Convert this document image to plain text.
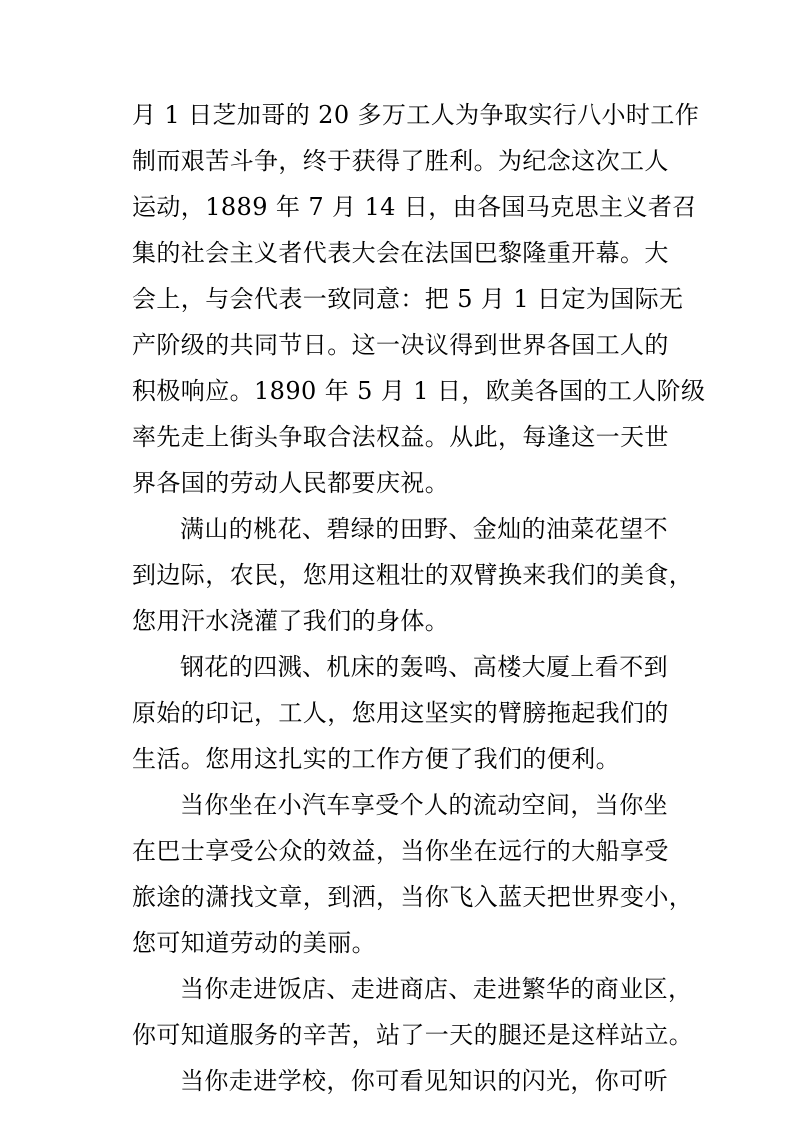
月 1 日芝加哥的 20 多万工人为争取实行八小时工作
制而艰苦斗争，终于获得了胜利。为纪念这次工人
运动，1889 年 7 月 14 日，由各国马克思主义者召
集的社会主义者代表大会在法国巴黎隆重开幕。大
会上，与会代表一致同意：把 5 月 1 日定为国际无
产阶级的共同节日。这一决议得到世界各国工人的
积极响应。1890 年 5 月 1 日，欧美各国的工人阶级
率先走上街头争取合法权益。从此，每逢这一天世
界各国的劳动人民都要庆祝。
满山的桃花、碧绿的田野、金灿的油菜花望不
到边际，农民，您用这粗壮的双臂换来我们的美食，
您用汗水浇灌了我们的身体。
钢花的四溅、机床的轰鸣、高楼大厦上看不到
原始的印记，工人，您用这坚实的臂膀拖起我们的
生活。您用这扎实的工作方便了我们的便利。
当你坐在小汽车享受个人的流动空间，当你坐
在巴士享受公众的效益，当你坐在远行的大船享受
旅途的潇找文章，到洒，当你飞入蓝天把世界变小，
您可知道劳动的美丽。
当你走进饭店、走进商店、走进繁华的商业区，
你可知道服务的辛苦，站了一天的腿还是这样站立。
当你走进学校，你可看见知识的闪光，你可听
